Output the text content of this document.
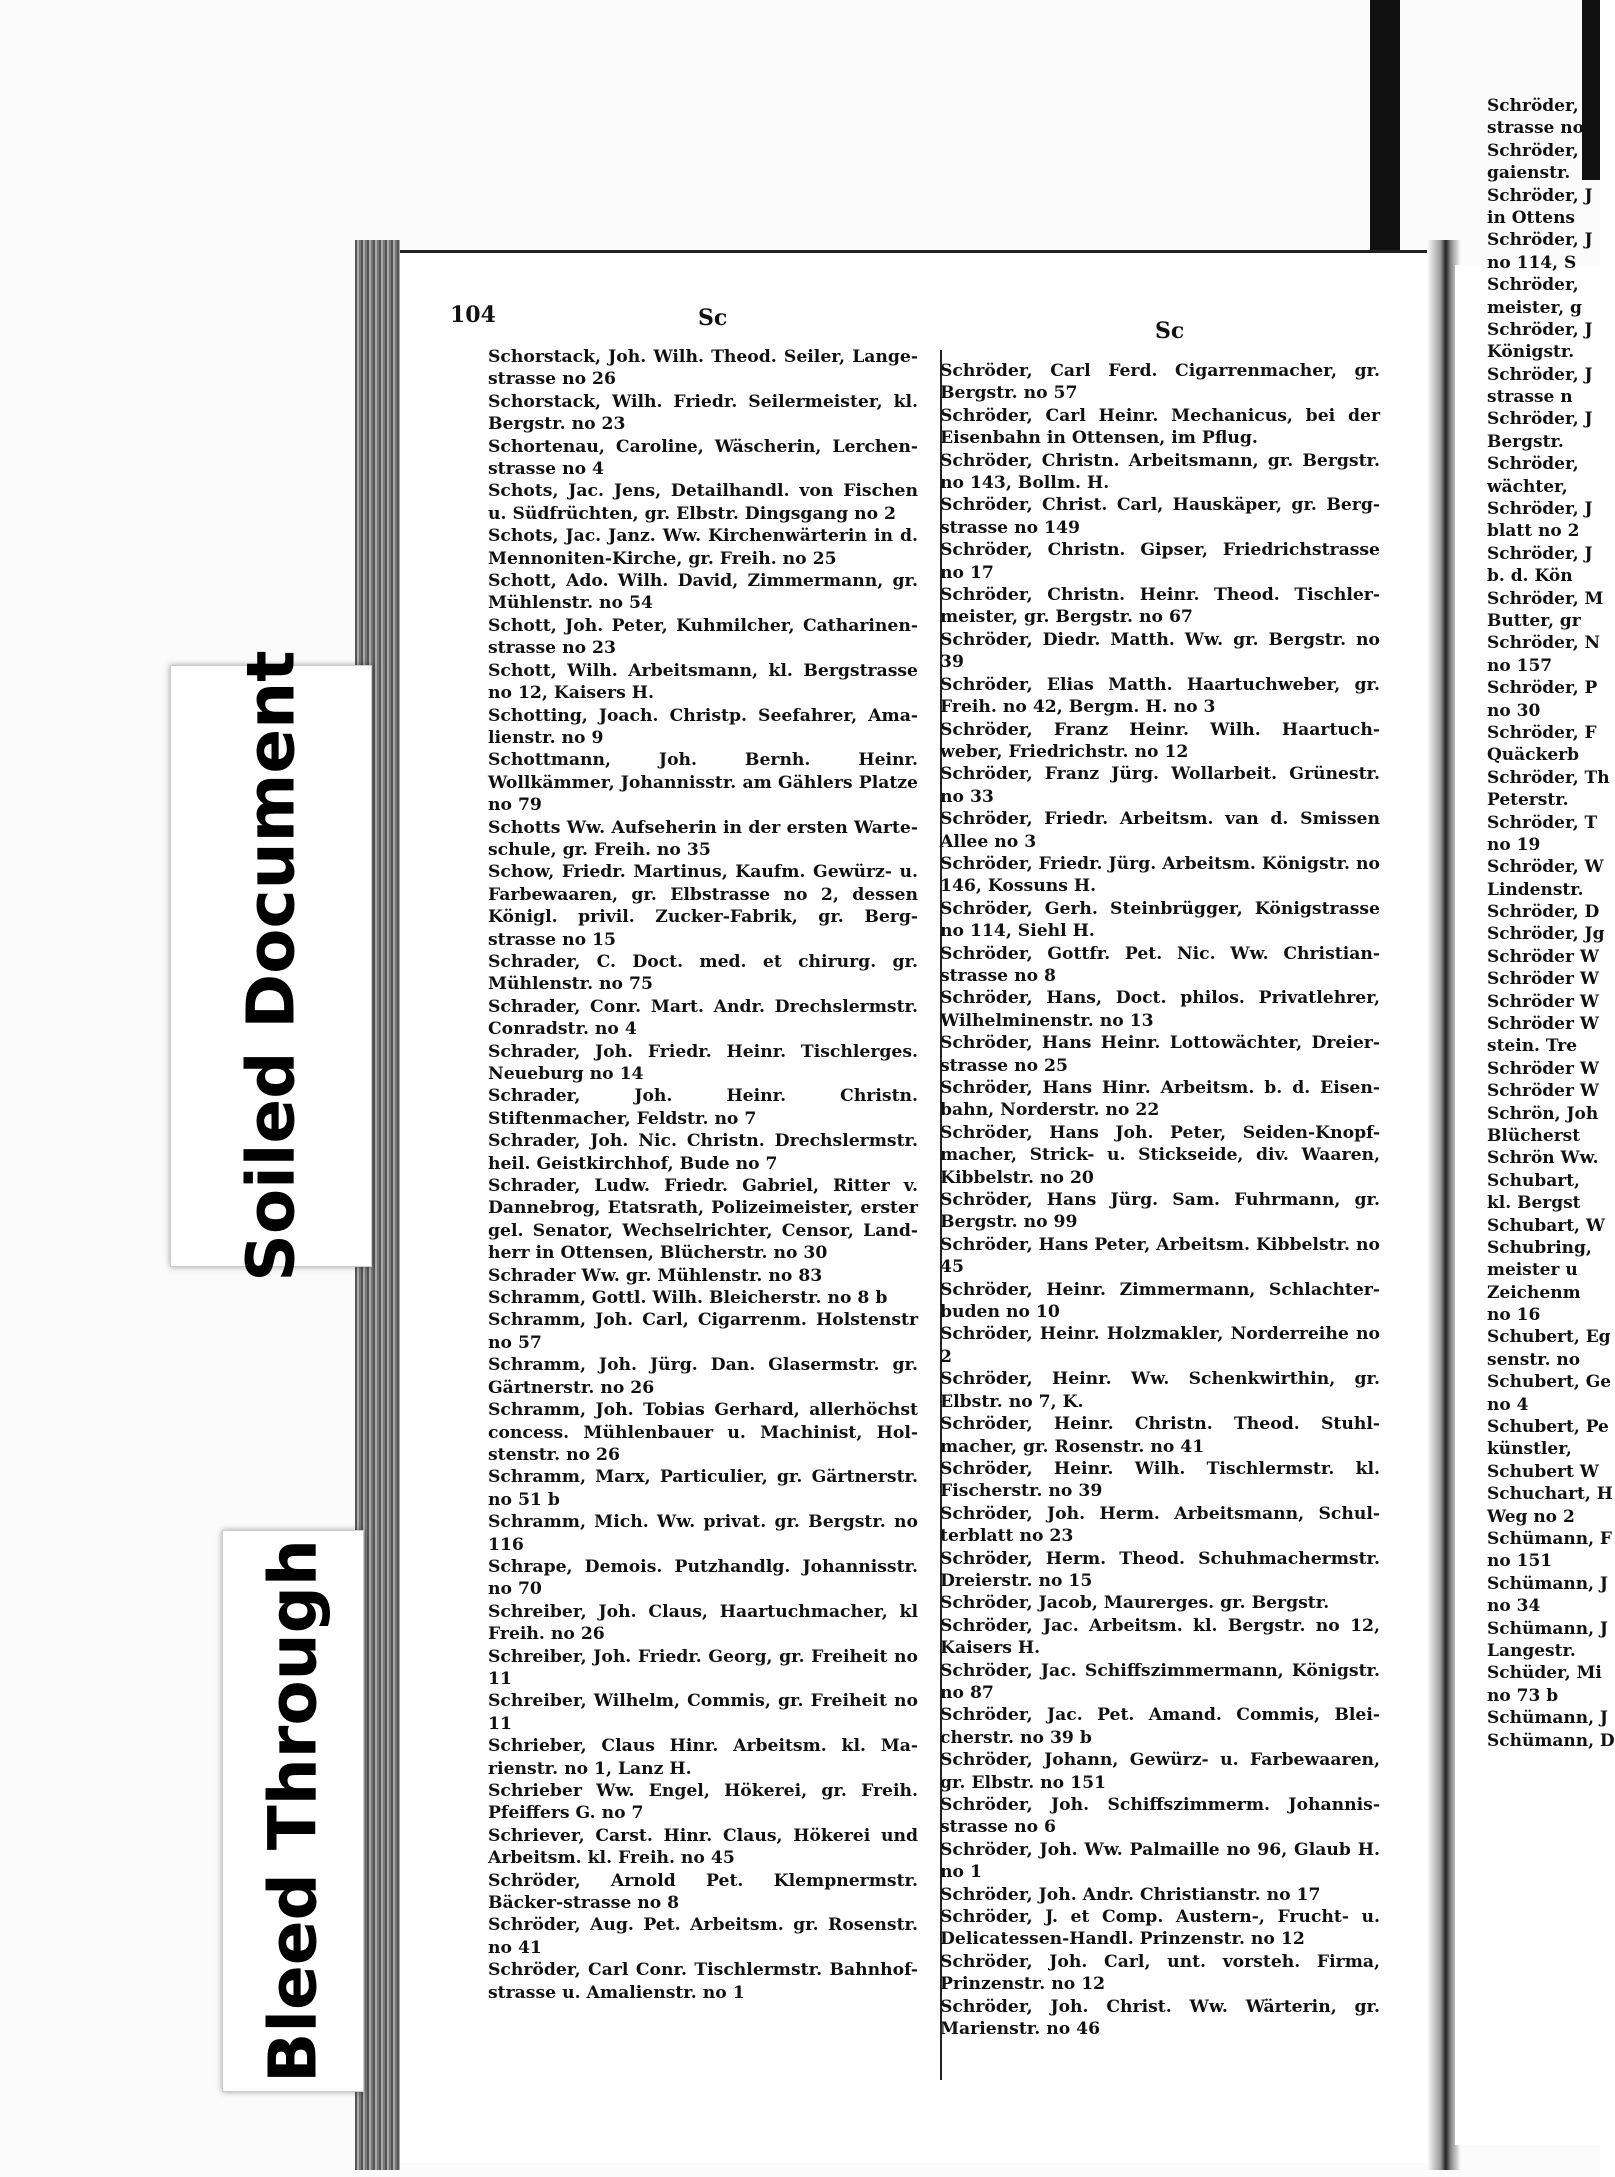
104	Sc	Sc
Schorstack, Joh. Wilh. Theod. Seiler, Lange-strasse no 26
Schorstack, Wilh. Friedr. Seilermeister, kl. Bergstr. no 23
Schortenau, Caroline, Wäscherin, Lerchen-strasse no 4
Schots, Jac. Jens, Detailhandl. von Fischen u. Südfrüchten, gr. Elbstr. Dingsgang no 2
Schots, Jac. Janz. Ww. Kirchenwärterin in d. Mennoniten-Kirche, gr. Freih. no 25
Schott, Ado. Wilh. David, Zimmermann, gr. Mühlenstr. no 54
Schott, Joh. Peter, Kuhmilcher, Catharinen-strasse no 23
Schott, Wilh. Arbeitsmann, kl. Bergstrasse no 12, Kaisers H.
Schotting, Joach. Christp. Seefahrer, Ama-lienstr. no 9
Schottmann, Joh. Bernh. Heinr. Wollkämmer, Johannisstr. am Gählers Platze no 79
Schotts Ww. Aufseherin in der ersten Warte-schule, gr. Freih. no 35
Schow, Friedr. Martinus, Kaufm. Gewürz- u. Farbewaaren, gr. Elbstrasse no 2, dessen Königl. privil. Zucker-Fabrik, gr. Berg-strasse no 15
Schrader, C. Doct. med. et chirurg. gr. Mühlenstr. no 75
Schrader, Conr. Mart. Andr. Drechslermstr. Conradstr. no 4
Schrader, Joh. Friedr. Heinr. Tischlerges. Neueburg no 14
Schrader, Joh. Heinr. Christn. Stiftenmacher, Feldstr. no 7
Schrader, Joh. Nic. Christn. Drechslermstr. heil. Geistkirchhof, Bude no 7
Schrader, Ludw. Friedr. Gabriel, Ritter v. Dannebrog, Etatsrath, Polizeimeister, erster gel. Senator, Wechselrichter, Censor, Land-herr in Ottensen, Blücherstr. no 30
Schrader Ww. gr. Mühlenstr. no 83
Schramm, Gottl. Wilh. Bleicherstr. no 8 b
Schramm, Joh. Carl, Cigarrenm. Holstenstr no 57
Schramm, Joh. Jürg. Dan. Glasermstr. gr. Gärtnerstr. no 26
Schramm, Joh. Tobias Gerhard, allerhöchst concess. Mühlenbauer u. Machinist, Hol-stenstr. no 26
Schramm, Marx, Particulier, gr. Gärtnerstr. no 51 b
Schramm, Mich. Ww. privat. gr. Bergstr. no 116
Schrape, Demois. Putzhandlg. Johannisstr. no 70
Schreiber, Joh. Claus, Haartuchmacher, kl Freih. no 26
Schreiber, Joh. Friedr. Georg, gr. Freiheit no 11
Schreiber, Wilhelm, Commis, gr. Freiheit no 11
Schrieber, Claus Hinr. Arbeitsm. kl. Ma-rienstr. no 1, Lanz H.
Schrieber Ww. Engel, Hökerei, gr. Freih. Pfeiffers G. no 7
Schriever, Carst. Hinr. Claus, Hökerei und Arbeitsm. kl. Freih. no 45
Schröder, Arnold Pet. Klempnermstr. Bäcker-strasse no 8
Schröder, Aug. Pet. Arbeitsm. gr. Rosenstr. no 41
Schröder, Carl Conr. Tischlermstr. Bahnhof-strasse u. Amalienstr. no 1
Schröder, Carl Ferd. Cigarrenmacher, gr. Bergstr. no 57
Schröder, Carl Heinr. Mechanicus, bei der Eisenbahn in Ottensen, im Pflug.
Schröder, Christn. Arbeitsmann, gr. Bergstr. no 143, Bollm. H.
Schröder, Christ. Carl, Hauskäper, gr. Berg-strasse no 149
Schröder, Christn. Gipser, Friedrichstrasse no 17
Schröder, Christn. Heinr. Theod. Tischler-meister, gr. Bergstr. no 67
Schröder, Diedr. Matth. Ww. gr. Bergstr. no 39
Schröder, Elias Matth. Haartuchweber, gr. Freih. no 42, Bergm. H. no 3
Schröder, Franz Heinr. Wilh. Haartuch-weber, Friedrichstr. no 12
Schröder, Franz Jürg. Wollarbeit. Grünestr. no 33
Schröder, Friedr. Arbeitsm. van d. Smissen Allee no 3
Schröder, Friedr. Jürg. Arbeitsm. Königstr. no 146, Kossuns H.
Schröder, Gerh. Steinbrügger, Königstrasse no 114, Siehl H.
Schröder, Gottfr. Pet. Nic. Ww. Christian-strasse no 8
Schröder, Hans, Doct. philos. Privatlehrer, Wilhelminenstr. no 13
Schröder, Hans Heinr. Lottowächter, Dreier-strasse no 25
Schröder, Hans Hinr. Arbeitsm. b. d. Eisen-bahn, Norderstr. no 22
Schröder, Hans Joh. Peter, Seiden-Knopf-macher, Strick- u. Stickseide, div. Waaren, Kibbelstr. no 20
Schröder, Hans Jürg. Sam. Fuhrmann, gr. Bergstr. no 99
Schröder, Hans Peter, Arbeitsm. Kibbelstr. no 45
Schröder, Heinr. Zimmermann, Schlachter-buden no 10
Schröder, Heinr. Holzmakler, Norderreihe no 2
Schröder, Heinr. Ww. Schenkwirthin, gr. Elbstr. no 7, K.
Schröder, Heinr. Christn. Theod. Stuhl-macher, gr. Rosenstr. no 41
Schröder, Heinr. Wilh. Tischlermstr. kl. Fischerstr. no 39
Schröder, Joh. Herm. Arbeitsmann, Schul-terblatt no 23
Schröder, Herm. Theod. Schuhmachermstr. Dreierstr. no 15
Schröder, Jacob, Maurerges. gr. Bergstr.
Schröder, Jac. Arbeitsm. kl. Bergstr. no 12, Kaisers H.
Schröder, Jac. Schiffszimmermann, Königstr. no 87
Schröder, Jac. Pet. Amand. Commis, Blei-cherstr. no 39 b
Schröder, Johann, Gewürz- u. Farbewaaren, gr. Elbstr. no 151
Schröder, Joh. Schiffszimmerm. Johannis-strasse no 6
Schröder, Joh. Ww. Palmaille no 96, Glaub H. no 1
Schröder, Joh. Andr. Christianstr. no 17
Schröder, J. et Comp. Austern-, Frucht- u. Delicatessen-Handl. Prinzenstr. no 12
Schröder, Joh. Carl, unt. vorsteh. Firma, Prinzenstr. no 12
Schröder, Joh. Christ. Ww. Wärterin, gr. Marienstr. no 46
Schröder, J
strasse no
Schröder,
gaienstr.
Schröder, J
in Ottens
Schröder, J
no 114, S
Schröder,
meister, g
Schröder, J
Königstr.
Schröder, J
strasse n
Schröder, J
Bergstr.
Schröder,
wächter,
Schröder, J
blatt no 2
Schröder, J
b. d. Kön
Schröder, M
Butter, gr
Schröder, N
no 157
Schröder, P
no 30
Schröder, F
Quäckerb
Schröder, Th
Peterstr.
Schröder, T
no 19
Schröder, W
Lindenstr.
Schröder, D
Schröder, Jg
Schröder W
Schröder W
Schröder W
Schröder W
stein. Tre
Schröder W
Schröder W
Schrön, Joh
Blücherst
Schrön Ww.
Schubart,
kl. Bergst
Schubart, W
Schubring,
meister u
Zeichenm
no 16
Schubert, Eg
senstr. no
Schubert, Ge
no 4
Schubert, Pe
künstler,
Schubert W
Schuchart, H
Weg no 2
Schümann, F
no 151
Schümann, J
no 34
Schümann, J
Langestr.
Schüder, Mi
no 73 b
Schümann, J
Schümann, D
Soiled Document
Bleed Through
